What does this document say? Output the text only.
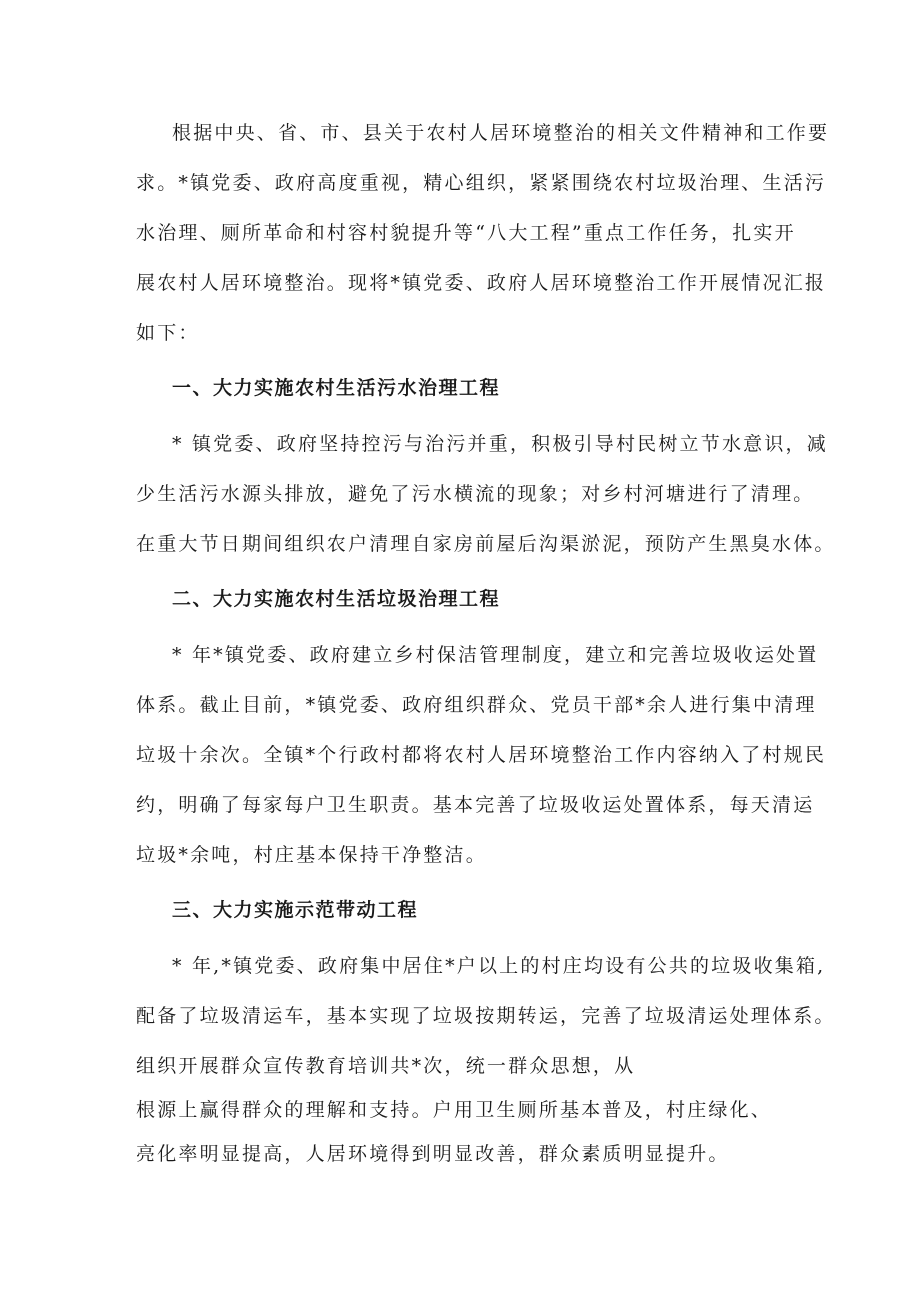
根据中央、省、市、县关于农村人居环境整治的相关文件精神和工作要
求。*镇党委、政府高度重视，精心组织，紧紧围绕农村垃圾治理、生活污
水治理、厕所革命和村容村貌提升等“八大工程”重点工作任务，扎实开
展农村人居环境整治。现将*镇党委、政府人居环境整治工作开展情况汇报
如下：
一、大力实施农村生活污水治理工程
* 镇党委、政府坚持控污与治污并重，积极引导村民树立节水意识，减
少生活污水源头排放，避免了污水横流的现象；对乡村河塘进行了清理。
在重大节日期间组织农户清理自家房前屋后沟渠淤泥，预防产生黑臭水体。
二、大力实施农村生活垃圾治理工程
* 年*镇党委、政府建立乡村保洁管理制度，建立和完善垃圾收运处置
体系。截止目前，*镇党委、政府组织群众、党员干部*余人进行集中清理
垃圾十余次。全镇*个行政村都将农村人居环境整治工作内容纳入了村规民
约，明确了每家每户卫生职责。基本完善了垃圾收运处置体系，每天清运
垃圾*余吨，村庄基本保持干净整洁。
三、大力实施示范带动工程
* 年,*镇党委、政府集中居住*户以上的村庄均设有公共的垃圾收集箱,
配备了垃圾清运车，基本实现了垃圾按期转运，完善了垃圾清运处理体系。
组织开展群众宣传教育培训共*次，统一群众思想，从
根源上赢得群众的理解和支持。户用卫生厕所基本普及，村庄绿化、
亮化率明显提高，人居环境得到明显改善，群众素质明显提升。
